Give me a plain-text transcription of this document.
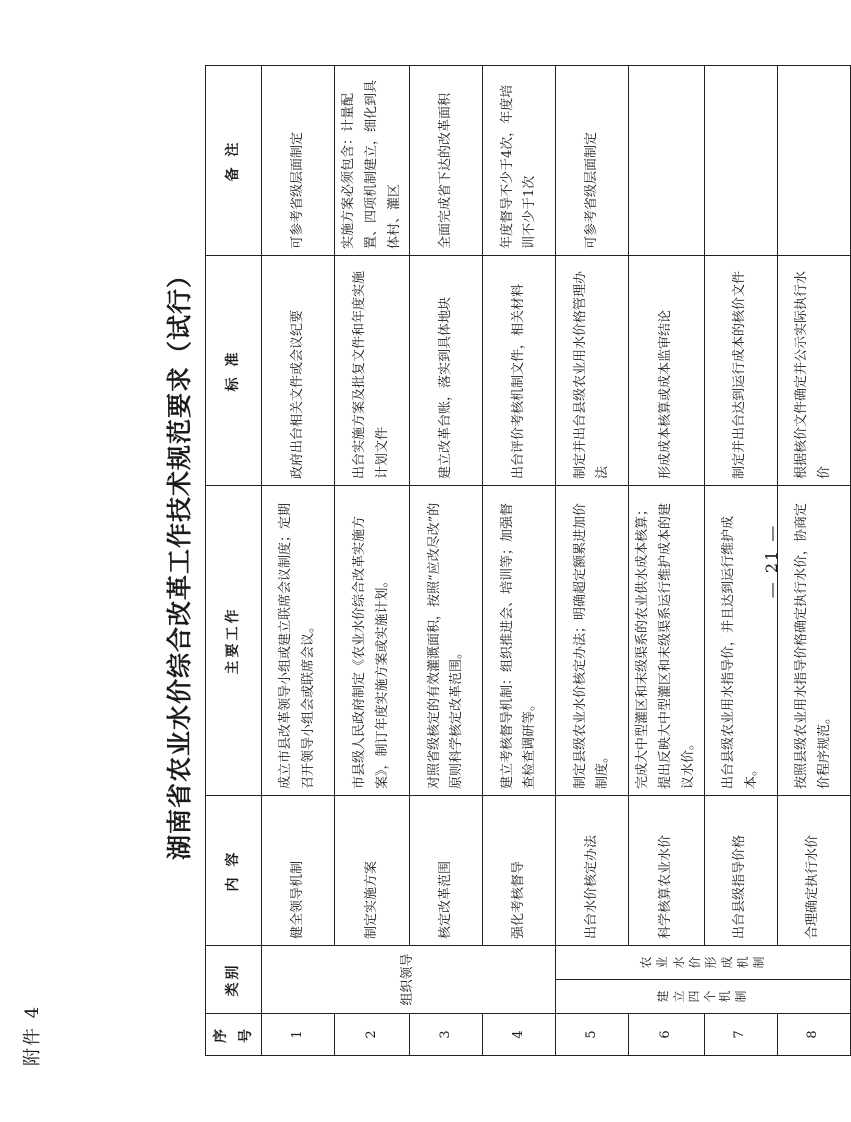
附件 4
湖南省农业水价综合改革工作技术规范要求（试行）
序号	类别		内 容	主要工作	标 准	备 注
1	组织领导		健全领导机制	成立市县改革领导小组或建立联席会议制度；定期召开领导小组会或联席会议。	政府出台相关文件或会议纪要	可参考省级层面制定
2			制定实施方案	市县级人民政府制定《农业水价综合改革实施方案》，制订年度实施方案或实施计划。	出台实施方案及批复文件和年度实施计划文件	实施方案必须包含：计量配置、四项机制建立，细化到具体村、灌区
3			核定改革范围	对照省级核定的有效灌溉面积，按照“应改尽改”的原则科学核定改革范围。	建立改革台账，落实到具体地块	全面完成省下达的改革面积
4			强化考核督导	建立考核督导机制：组织推进会、培训等；加强督查检查调研等。	出台评价考核机制文件，相关材料	年度督导不少于4次，年度培训不少于1次
5	建立四个机制	农业水价形成机制	出台水价核定办法	制定县级农业水价核定办法；明确超定额累进加价制度。	制定并出台县级农业用水价格管理办法	可参考省级层面制定
6			科学核算农业水价	完成大中型灌区和末级渠系的农业供水成本核算；提出反映大中型灌区和末级渠系运行维护成本的建议水价。	形成成本核算或成本监审结论	
7			出台县级指导价格	出台县级农业用水指导价，并且达到运行维护成本。	制定并出台达到运行成本的核价文件	
8			合理确定执行水价	按照县级农业用水指导价格确定执行水价，协商定价程序规范。	根据核价文件确定并公示实际执行水价	
— 21 —
